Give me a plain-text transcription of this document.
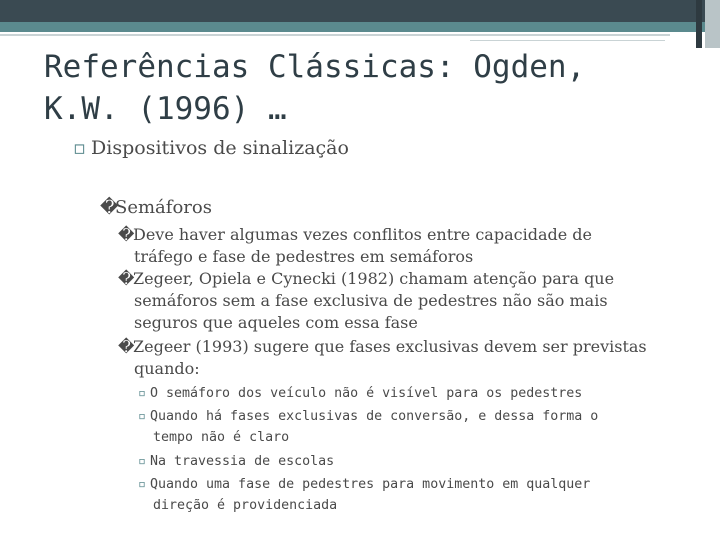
Referências Clássicas: Ogden, K.W. (1996) …

▫ Dispositivos de sinalização

�Semáforos

�Deve haver algumas vezes conflitos entre capacidade de

tráfego e fase de pedestres em semáforos

�Zegeer, Opiela e Cynecki (1982) chamam atenção para que

semáforos sem a fase exclusiva de pedestres não são mais

seguros que aqueles com essa fase

�Zegeer (1993) sugere que fases exclusivas devem ser previstas

quando:

▫ O semáforo dos veículo não é visível para os pedestres

▫ Quando há fases exclusivas de conversão, e dessa forma o

tempo não é claro

▫ Na travessia de escolas

▫ Quando uma fase de pedestres para movimento em qualquer

direção é providenciada
